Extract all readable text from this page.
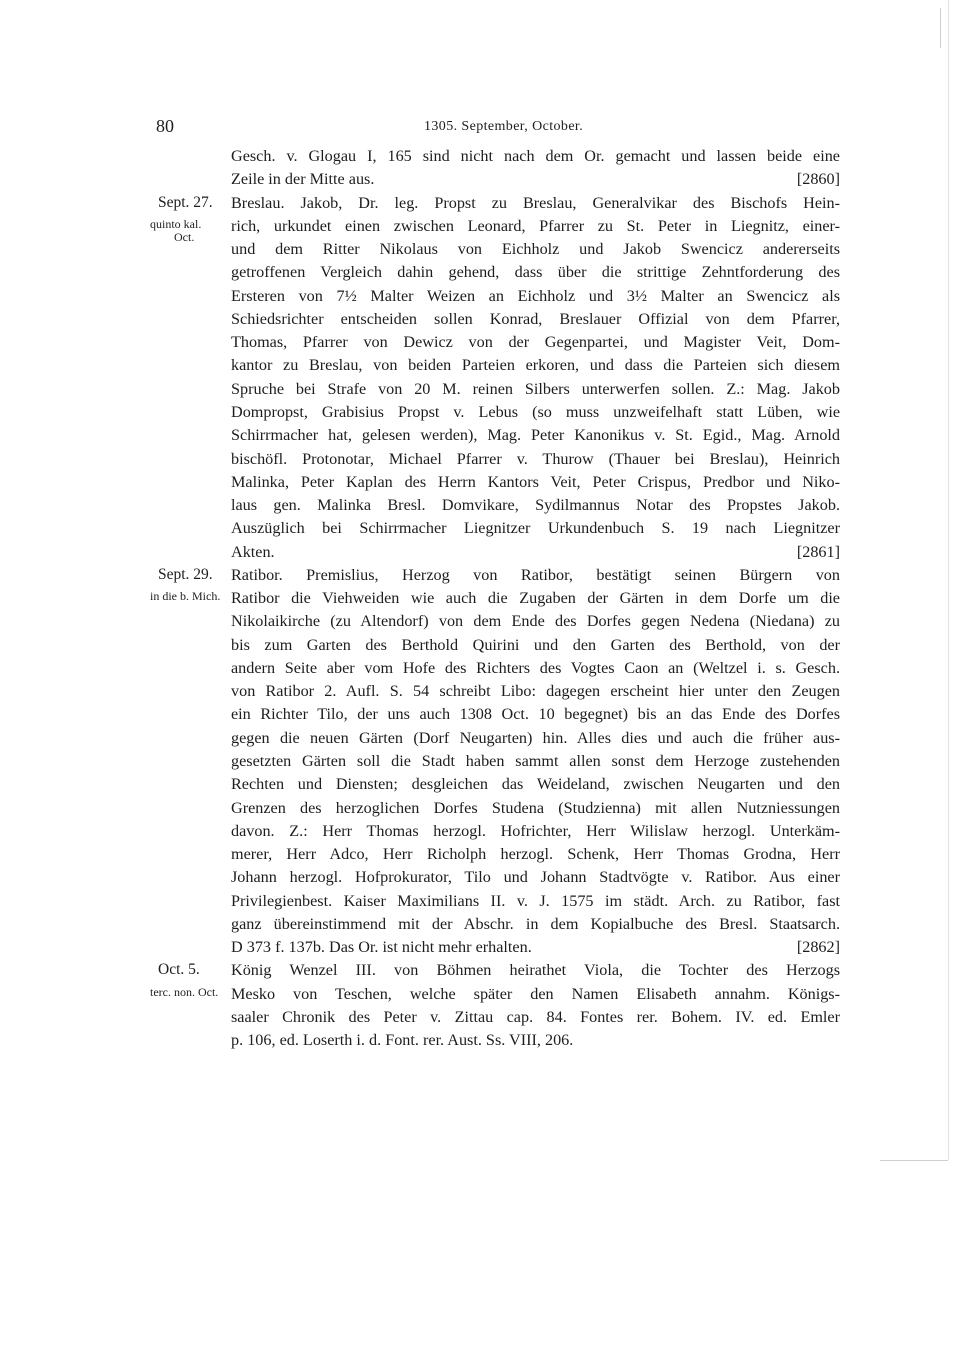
80	1305. September, October.
Gesch. v. Glogau I, 165 sind nicht nach dem Or. gemacht und lassen beide eine
[2860]
Zeile in der Mitte aus.
Sept. 27.
quinto kal.
Oct.
Breslau. Jakob, Dr. leg. Propst zu Breslau, Generalvikar des Bischofs Hein-
rich, urkundet einen zwischen Leonard, Pfarrer zu St. Peter in Liegnitz, einer-
und dem Ritter Nikolaus von Eichholz und Jakob Swencicz andererseits
getroffenen Vergleich dahin gehend, dass über die strittige Zehntforderung des
Ersteren von 7½ Malter Weizen an Eichholz und 3½ Malter an Swencicz als
Schiedsrichter entscheiden sollen Konrad, Breslauer Offizial von dem Pfarrer,
Thomas, Pfarrer von Dewicz von der Gegenpartei, und Magister Veit, Dom-
kantor zu Breslau, von beiden Parteien erkoren, und dass die Parteien sich diesem
Spruche bei Strafe von 20 M. reinen Silbers unterwerfen sollen. Z.: Mag. Jakob
Dompropst, Grabisius Propst v. Lebus (so muss unzweifelhaft statt Lüben, wie
Schirrmacher hat, gelesen werden), Mag. Peter Kanonikus v. St. Egid., Mag. Arnold
bischöfl. Protonotar, Michael Pfarrer v. Thurow (Thauer bei Breslau), Heinrich
Malinka, Peter Kaplan des Herrn Kantors Veit, Peter Crispus, Predbor und Niko-
laus gen. Malinka Bresl. Domvikare, Sydilmannus Notar des Propstes Jakob.
Auszüglich bei Schirrmacher Liegnitzer Urkundenbuch S. 19 nach Liegnitzer
[2861]
Akten.
Sept. 29.
in die b. Mich.
Ratibor. Premislius, Herzog von Ratibor, bestätigt seinen Bürgern von
Ratibor die Viehweiden wie auch die Zugaben der Gärten in dem Dorfe um die
Nikolaikirche (zu Altendorf) von dem Ende des Dorfes gegen Nedena (Niedana) zu
bis zum Garten des Berthold Quirini und den Garten des Berthold, von der
andern Seite aber vom Hofe des Richters des Vogtes Caon an (Weltzel i. s. Gesch.
von Ratibor 2. Aufl. S. 54 schreibt Libo: dagegen erscheint hier unter den Zeugen
ein Richter Tilo, der uns auch 1308 Oct. 10 begegnet) bis an das Ende des Dorfes
gegen die neuen Gärten (Dorf Neugarten) hin. Alles dies und auch die früher aus-
gesetzten Gärten soll die Stadt haben sammt allen sonst dem Herzoge zustehenden
Rechten und Diensten; desgleichen das Weideland, zwischen Neugarten und den
Grenzen des herzoglichen Dorfes Studena (Studzienna) mit allen Nutzniessungen
davon. Z.: Herr Thomas herzogl. Hofrichter, Herr Wilislaw herzogl. Unterkäm-
merer, Herr Adco, Herr Richolph herzogl. Schenk, Herr Thomas Grodna, Herr
Johann herzogl. Hofprokurator, Tilo und Johann Stadtvögte v. Ratibor. Aus einer
Privilegienbest. Kaiser Maximilians II. v. J. 1575 im städt. Arch. zu Ratibor, fast
ganz übereinstimmend mit der Abschr. in dem Kopialbuche des Bresl. Staatsarch.
[2862]
D 373 f. 137b. Das Or. ist nicht mehr erhalten.
Oct. 5.
terc. non. Oct.
König Wenzel III. von Böhmen heirathet Viola, die Tochter des Herzogs
Mesko von Teschen, welche später den Namen Elisabeth annahm. Königs-
saaler Chronik des Peter v. Zittau cap. 84. Fontes rer. Bohem. IV. ed. Emler
p. 106, ed. Loserth i. d. Font. rer. Aust. Ss. VIII, 206.
